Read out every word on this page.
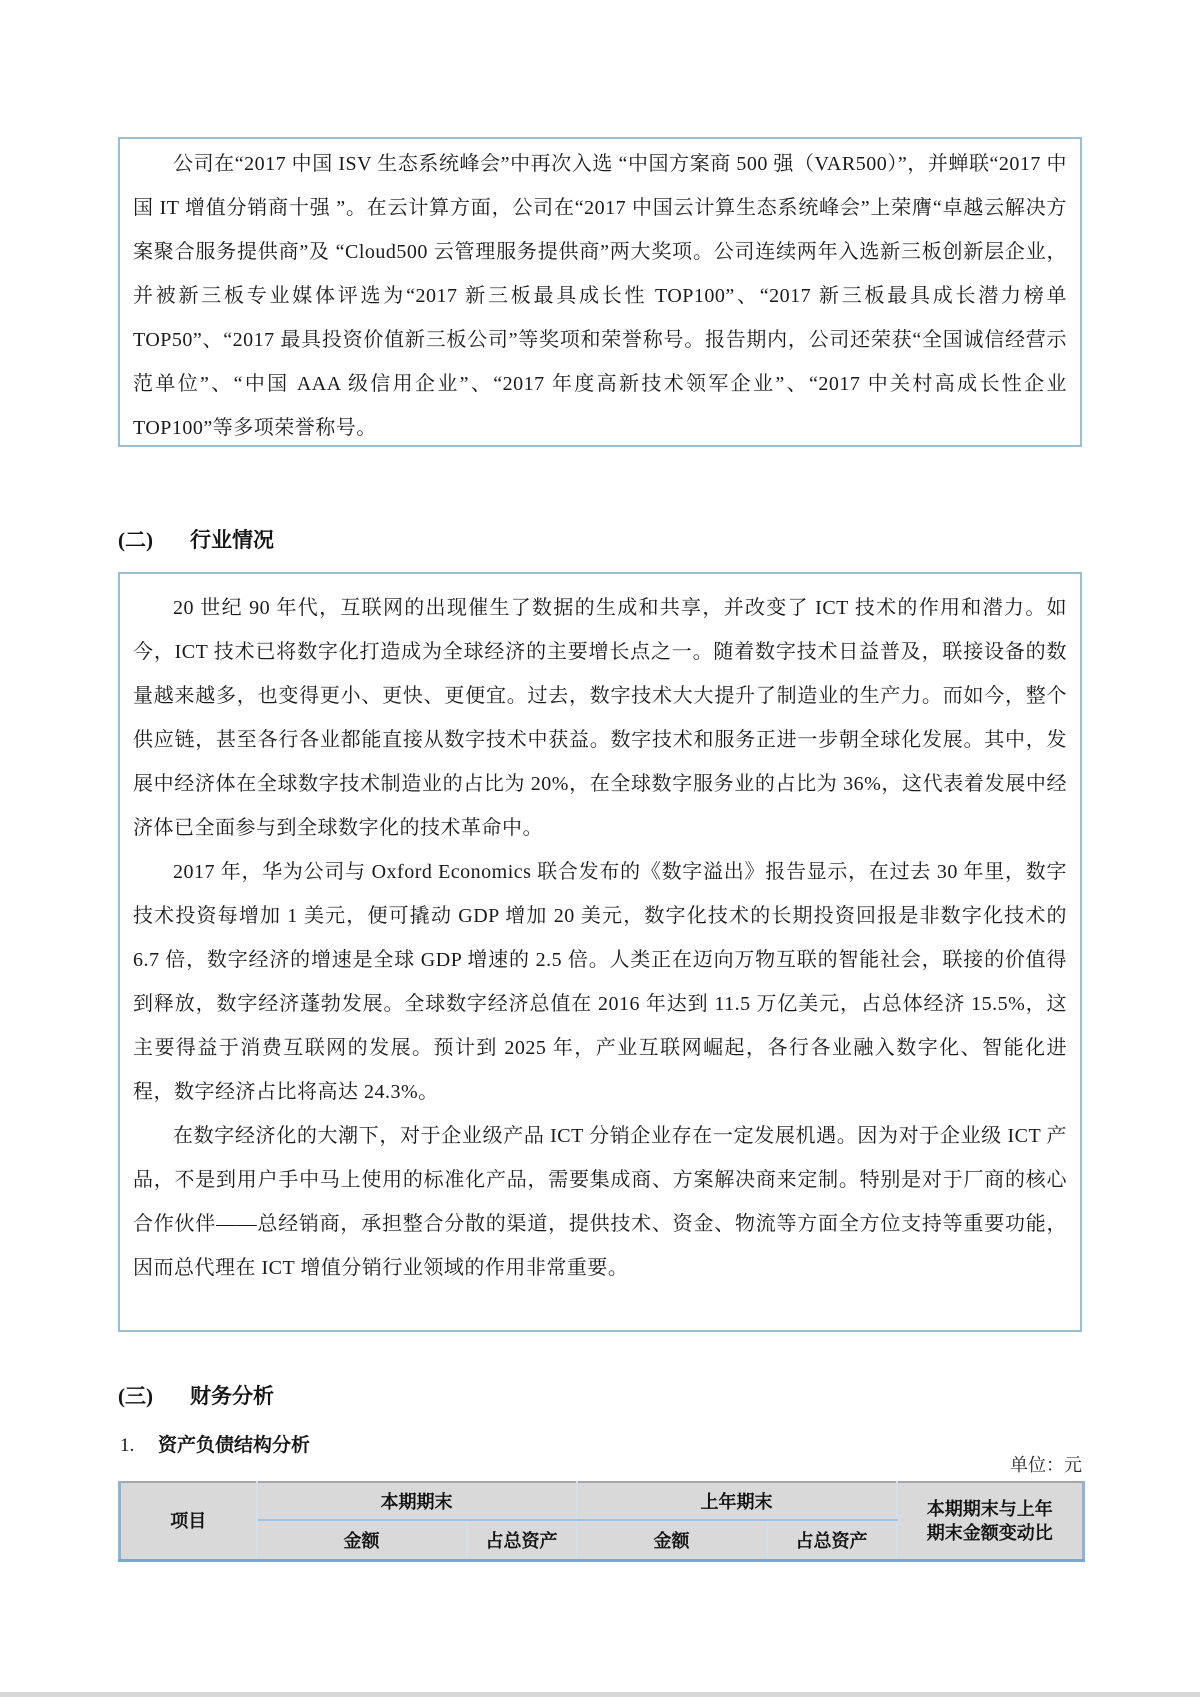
公司在“2017 中国 ISV 生态系统峰会”中再次入选 “中国方案商 500 强（VAR500）”，并蝉联“2017 中国 IT 增值分销商十强 ”。在云计算方面，公司在“2017 中国云计算生态系统峰会”上荣膺“卓越云解决方案聚合服务提供商”及 “Cloud500 云管理服务提供商”两大奖项。公司连续两年入选新三板创新层企业，并被新三板专业媒体评选为“2017 新三板最具成长性 TOP100”、“2017 新三板最具成长潜力榜单 TOP50”、“2017 最具投资价值新三板公司”等奖项和荣誉称号。报告期内，公司还荣获“全国诚信经营示范单位”、“中国 AAA 级信用企业”、“2017 年度高新技术领军企业”、“2017 中关村高成长性企业 TOP100”等多项荣誉称号。

(二) 行业情况

20 世纪 90 年代，互联网的出现催生了数据的生成和共享，并改变了 ICT 技术的作用和潜力。如今，ICT 技术已将数字化打造成为全球经济的主要增长点之一。随着数字技术日益普及，联接设备的数量越来越多，也变得更小、更快、更便宜。过去，数字技术大大提升了制造业的生产力。而如今，整个供应链，甚至各行各业都能直接从数字技术中获益。数字技术和服务正进一步朝全球化发展。其中，发展中经济体在全球数字技术制造业的占比为 20%，在全球数字服务业的占比为 36%，这代表着发展中经济体已全面参与到全球数字化的技术革命中。

2017 年，华为公司与 Oxford Economics 联合发布的《数字溢出》报告显示，在过去 30 年里，数字技术投资每增加 1 美元，便可撬动 GDP 增加 20 美元，数字化技术的长期投资回报是非数字化技术的 6.7 倍，数字经济的增速是全球 GDP 增速的 2.5 倍。人类正在迈向万物互联的智能社会，联接的价值得到释放，数字经济蓬勃发展。全球数字经济总值在 2016 年达到 11.5 万亿美元，占总体经济 15.5%，这主要得益于消费互联网的发展。预计到 2025 年，产业互联网崛起，各行各业融入数字化、智能化进程，数字经济占比将高达 24.3%。

在数字经济化的大潮下，对于企业级产品 ICT 分销企业存在一定发展机遇。因为对于企业级 ICT 产品，不是到用户手中马上使用的标准化产品，需要集成商、方案解决商来定制。特别是对于厂商的核心合作伙伴——总经销商，承担整合分散的渠道，提供技术、资金、物流等方面全方位支持等重要功能，因而总代理在 ICT 增值分销行业领域的作用非常重要。

(三) 财务分析
1. 资产负债结构分析
单位：元
项目	本期期末		上年期末		本期期末与上年
期末金额变动比

	金额	占总资产	金额	占总资产	
